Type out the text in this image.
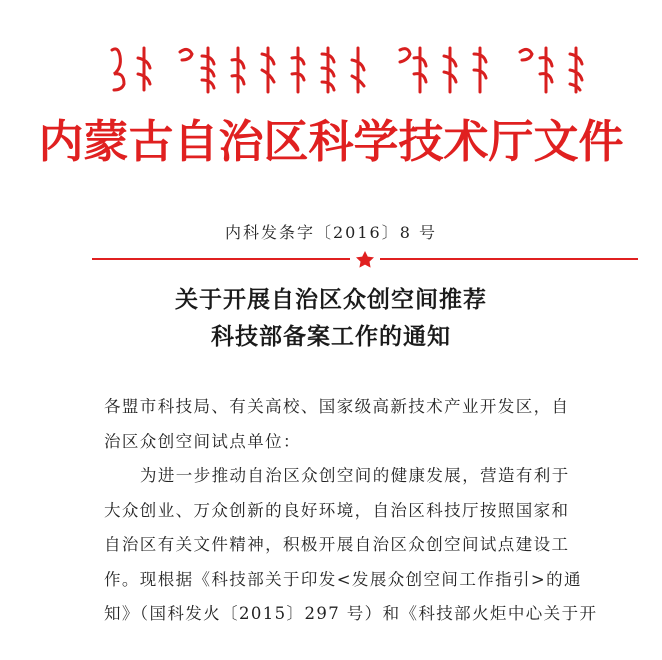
内蒙古自治区科学技术厅文件
内科发条字〔2016〕8 号
关于开展自治区众创空间推荐
科技部备案工作的通知

各盟市科技局、有关高校、国家级高新技术产业开发区，自

治区众创空间试点单位：

为进一步推动自治区众创空间的健康发展，营造有利于

大众创业、万众创新的良好环境，自治区科技厅按照国家和

自治区有关文件精神，积极开展自治区众创空间试点建设工

作。现根据《科技部关于印发<发展众创空间工作指引>的通

知》（国科发火〔2015〕297 号）和《科技部火炬中心关于开
